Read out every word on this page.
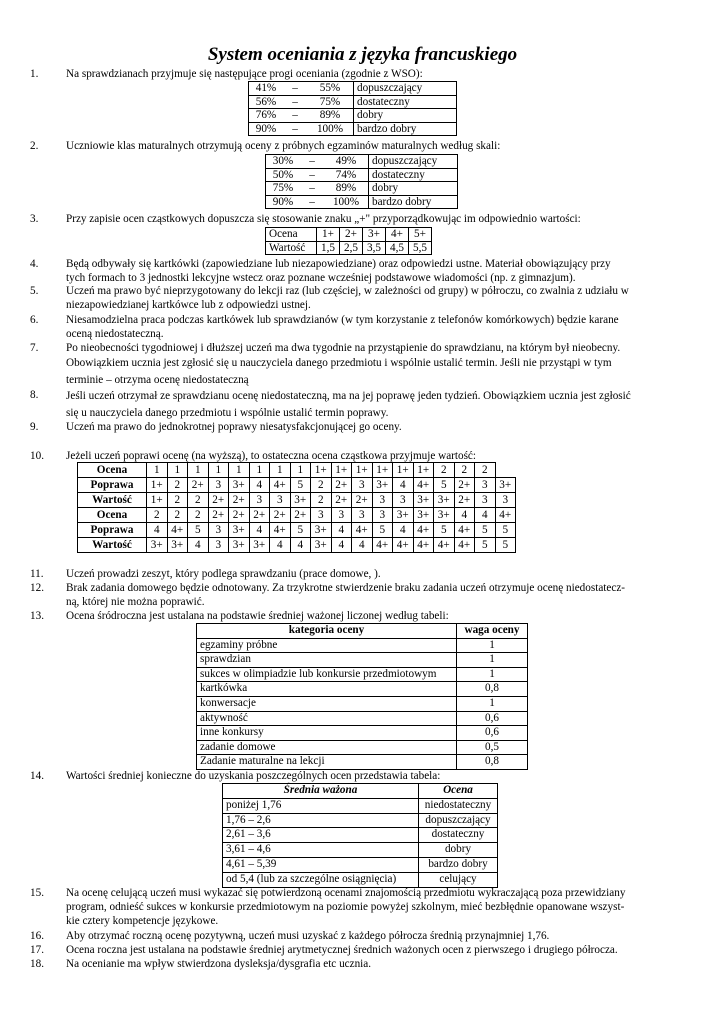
System oceniania z języka francuskiego
1.	Na sprawdzianach przyjmuje się następujące progi oceniania (zgodnie z WSO):
2.	Uczniowie klas maturalnych otrzymują oceny z próbnych egzaminów maturalnych według skali:
3.	Przy zapisie ocen cząstkowych dopuszcza się stosowanie znaku „+" przyporządkowując im odpowiednio wartości:
4.	Będą odbywały się kartkówki (zapowiedziane lub niezapowiedziane) oraz odpowiedzi ustne. Materiał obowiązujący przy
tych formach to 3 jednostki lekcyjne wstecz oraz poznane wcześniej podstawowe wiadomości (np. z gimnazjum).
5.	Uczeń ma prawo być nieprzygotowany do lekcji raz (lub częściej, w zależności od grupy) w półroczu, co zwalnia z udziału w
niezapowiedzianej kartkówce lub z odpowiedzi ustnej.
6.	Niesamodzielna praca podczas kartkówek lub sprawdzianów (w tym korzystanie z telefonów komórkowych) będzie karane
oceną niedostateczną.
7.	Po nieobecności tygodniowej i dłuższej uczeń ma dwa tygodnie na przystąpienie do sprawdzianu, na którym był nieobecny.
Obowiązkiem ucznia jest zgłosić się u nauczyciela danego przedmiotu i wspólnie ustalić termin. Jeśli nie przystąpi w tym
terminie – otrzyma ocenę niedostateczną
8.	Jeśli uczeń otrzymał ze sprawdzianu ocenę niedostateczną, ma na jej poprawę jeden tydzień. Obowiązkiem ucznia jest zgłosić
się u nauczyciela danego przedmiotu i wspólnie ustalić termin poprawy.
9.	Uczeń ma prawo do jednokrotnej poprawy niesatysfakcjonującej go oceny.
10.	Jeżeli uczeń poprawi ocenę (na wyższą), to ostateczna ocena cząstkowa przyjmuje wartość:
11.	Uczeń prowadzi zeszyt, który podlega sprawdzaniu (prace domowe, ).
12.	Brak zadania domowego będzie odnotowany. Za trzykrotne stwierdzenie braku zadania uczeń otrzymuje ocenę niedostatecz-
ną, której nie można poprawić.
13.	Ocena śródroczna jest ustalana na podstawie średniej ważonej liczonej według tabeli:
14.	Wartości średniej konieczne do uzyskania poszczególnych ocen przedstawia tabela:
15.	Na ocenę celującą uczeń musi wykazać się potwierdzoną ocenami znajomością przedmiotu wykraczającą poza przewidziany
program, odnieść sukces w konkursie przedmiotowym na poziomie powyżej szkolnym, mieć bezbłędnie opanowane wszyst-
kie cztery kompetencje językowe.
16.	Aby otrzymać roczną ocenę pozytywną, uczeń musi uzyskać z każdego półrocza średnią przynajmniej 1,76.
17.	Ocena roczna jest ustalana na podstawie średniej arytmetycznej średnich ważonych ocen z pierwszego i drugiego półrocza.
18.	Na ocenianie ma wpływ stwierdzona dysleksja/dysgrafia etc ucznia.
41%	–	55%	dopuszczający
56%	–	75%	dostateczny
76%	–	89%	dobry
90%	–	100%	bardzo dobry
30%	–	49%	dopuszczający
50%	–	74%	dostateczny
75%	–	89%	dobry
90%	–	100%	bardzo dobry
Ocena	1+	2+	3+	4+	5+
Wartość	1,5	2,5	3,5	4,5	5,5
Ocena	1	1	1	1	1	1	1	1	1+	1+	1+	1+	1+	1+	2	2	2	
Poprawa	1+	2	2+	3	3+	4	4+	5	2	2+	3	3+	4	4+	5	2+	3	3+
Wartość	1+	2	2	2+	2+	3	3	3+	2	2+	2+	3	3	3+	3+	2+	3	3
Ocena	2	2	2	2+	2+	2+	2+	2+	3	3	3	3	3+	3+	3+	4	4	4+
Poprawa	4	4+	5	3	3+	4	4+	5	3+	4	4+	5	4	4+	5	4+	5	5
Wartość	3+	3+	4	3	3+	3+	4	4	3+	4	4	4+	4+	4+	4+	4+	5	5
kategoria oceny	waga oceny
egzaminy próbne	1
sprawdzian	1
sukces w olimpiadzie lub konkursie przedmiotowym	1
kartkówka	0,8
konwersacje	1
aktywność	0,6
inne konkursy	0,6
zadanie domowe	0,5
Zadanie maturalne na lekcji	0,8
Średnia ważona	Ocena
poniżej 1,76	niedostateczny
1,76 – 2,6	dopuszczający
2,61 – 3,6	dostateczny
3,61 – 4,6	dobry
4,61 – 5,39	bardzo dobry
od 5,4 (lub za szczególne osiągnięcia)	celujący
